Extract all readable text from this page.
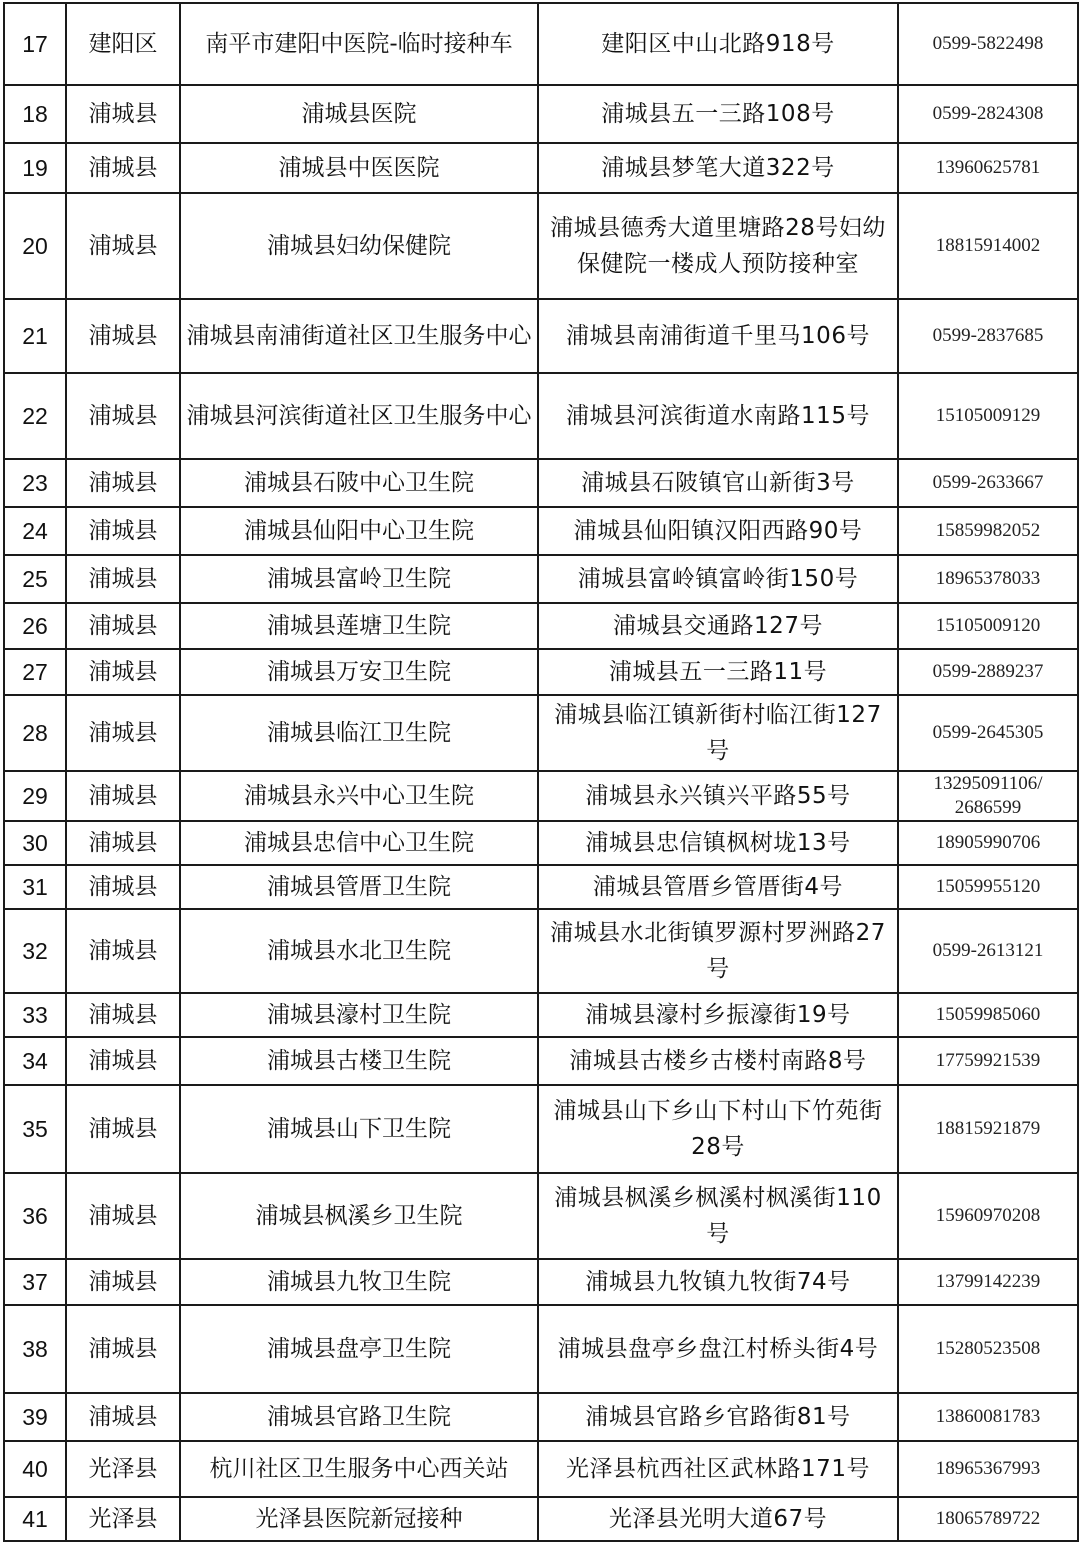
17	建阳区	南平市建阳中医院-临时接种车	建阳区中山北路918号	0599-5822498
18	浦城县	浦城县医院	浦城县五一三路108号	0599-2824308
19	浦城县	浦城县中医医院	浦城县梦笔大道322号	13960625781
20	浦城县	浦城县妇幼保健院	浦城县德秀大道里塘路28号妇幼保健院一楼成人预防接种室	18815914002
21	浦城县	浦城县南浦街道社区卫生服务中心	浦城县南浦街道千里马106号	0599-2837685
22	浦城县	浦城县河滨街道社区卫生服务中心	浦城县河滨街道水南路115号	15105009129
23	浦城县	浦城县石陂中心卫生院	浦城县石陂镇官山新街3号	0599-2633667
24	浦城县	浦城县仙阳中心卫生院	浦城县仙阳镇汉阳西路90号	15859982052
25	浦城县	浦城县富岭卫生院	浦城县富岭镇富岭街150号	18965378033
26	浦城县	浦城县莲塘卫生院	浦城县交通路127号	15105009120
27	浦城县	浦城县万安卫生院	浦城县五一三路11号	0599-2889237
28	浦城县	浦城县临江卫生院	浦城县临江镇新街村临江街127号	0599-2645305
29	浦城县	浦城县永兴中心卫生院	浦城县永兴镇兴平路55号	13295091106/ 2686599
30	浦城县	浦城县忠信中心卫生院	浦城县忠信镇枫树垅13号	18905990706
31	浦城县	浦城县管厝卫生院	浦城县管厝乡管厝街4号	15059955120
32	浦城县	浦城县水北卫生院	浦城县水北街镇罗源村罗洲路27号	0599-2613121
33	浦城县	浦城县濠村卫生院	浦城县濠村乡振濠街19号	15059985060
34	浦城县	浦城县古楼卫生院	浦城县古楼乡古楼村南路8号	17759921539
35	浦城县	浦城县山下卫生院	浦城县山下乡山下村山下竹苑街28号	18815921879
36	浦城县	浦城县枫溪乡卫生院	浦城县枫溪乡枫溪村枫溪街110号	15960970208
37	浦城县	浦城县九牧卫生院	浦城县九牧镇九牧街74号	13799142239
38	浦城县	浦城县盘亭卫生院	浦城县盘亭乡盘江村桥头街4号	15280523508
39	浦城县	浦城县官路卫生院	浦城县官路乡官路街81号	13860081783
40	光泽县	杭川社区卫生服务中心西关站	光泽县杭西社区武林路171号	18965367993
41	光泽县	光泽县医院新冠接种	光泽县光明大道67号	18065789722
